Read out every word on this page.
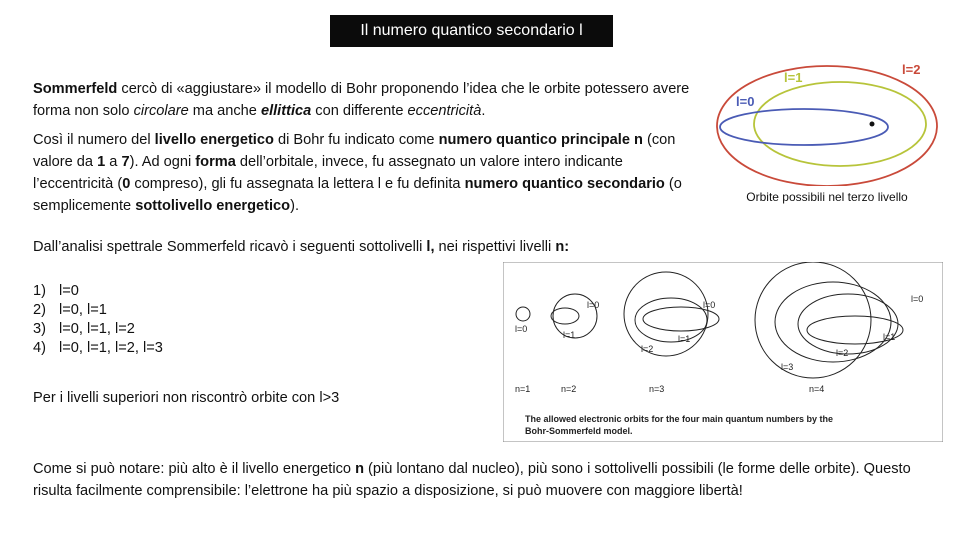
Il numero quantico secondario l

Sommerfeld cercò di «aggiustare» il modello di Bohr proponendo l’idea che le orbite potessero avere forma non solo circolare ma anche ellittica con differente eccentricità.

Così il numero del livello energetico di Bohr fu indicato come numero quantico principale n (con valore da 1 a 7). Ad ogni forma dell’orbitale, invece, fu assegnato un valore intero indicante l’eccentricità (0 compreso), gli fu assegnata la lettera l e fu definita numero quantico secondario (o semplicemente sottolivello energetico).

Dall’analisi spettrale Sommerfeld ricavò i seguenti sottolivelli l, nei rispettivi livelli n:

1) l=0
2) l=0, l=1
3) l=0, l=1, l=2
4) l=0, l=1, l=2, l=3

Per i livelli superiori non riscontrò orbite con l>3

Come si può notare: più alto è il livello energetico n (più lontano dal nucleo), più sono i sottolivelli possibili (le forme delle orbite). Questo risulta facilmente comprensibile: l’elettrone ha più spazio a disposizione, si può muovere con maggiore libertà!

l=1
l=2
l=0
Orbite possibili nel terzo livello
l=0
l=0
l=1
l=0
l=1
l=2
l=0
l=1
l=2
l=3
n=1	n=2	n=3	n=4
The allowed electronic orbits for the four main quantum numbers by the
Bohr-Sommerfeld model.
